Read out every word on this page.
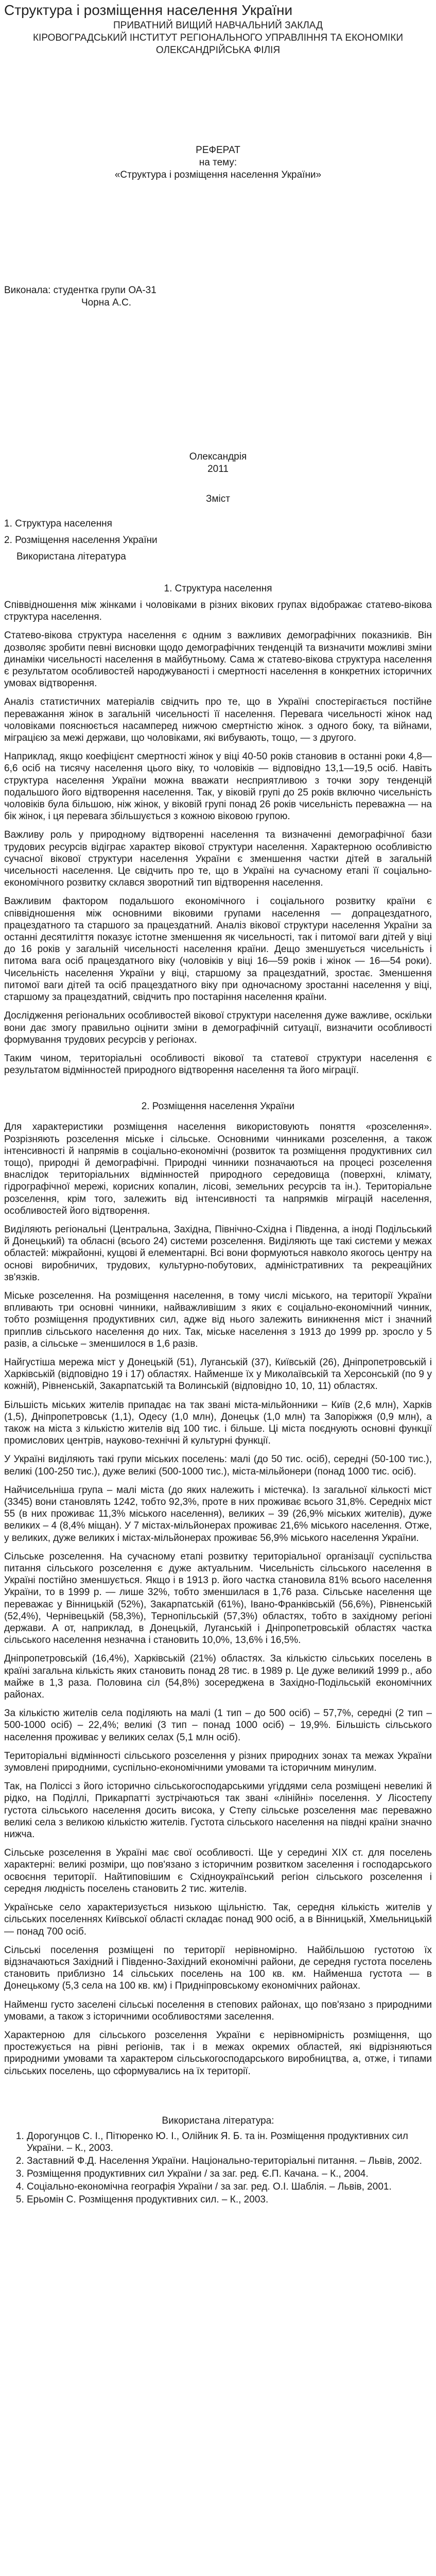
Структура і розміщення населення України
ПРИВАТНИЙ ВИЩИЙ НАВЧАЛЬНИЙ ЗАКЛАД
КІРОВОГРАДСЬКИЙ ІНСТИТУТ РЕГІОНАЛЬНОГО УПРАВЛІННЯ ТА ЕКОНОМІКИ
ОЛЕКСАНДРІЙСЬКА ФІЛІЯ
РЕФЕРАТ
на тему:
«Структура і розміщення населення України»
Виконала: студентка групи ОА-31
Чорна А.С.
Олександрія
2011
Зміст
1. Структура населення
2. Розміщення населення України
Використана література
1. Структура населення

Співвідношення між жінками і чоловіками в різних вікових групах відображає статево-вікова структура населення.

Статево-вікова структура населення є одним з важливих демографічних показників. Він дозволяє зробити певні висновки щодо демографічних тенденцій та визначити можливі зміни динаміки чисельності населення в майбутньому. Сама ж статево-вікова структура населення є результатом особливостей народжуваності і смертності населення в конкретних історичних умовах відтворення.

Аналіз статистичних матеріалів свідчить про те, що в Україні спостерігається постійне переважання жінок в загальній чисельності її населення. Перевага чисельності жінок над чоловіками пояснюється насамперед нижчою смертністю жінок. з одного боку, та війнами, міграцією за межі держави, що чоловіками, які вибувають, тощо, — з другого.

Наприклад, якщо коефіцієнт смертності жінок у віці 40-50 років становив в останні роки 4,8—6,6 осіб на тисячу населення цього віку, то чоловіків — відповідно 13,1—19,5 осіб. Навіть структура населення України можна вважати несприятливою з точки зору тенденцій подальшого його відтворення населення. Так, у віковій групі до 25 років включно чисельність чоловіків була більшою, ніж жінок, у віковій групі понад 26 років чисельність переважна — на бік жінок, і ця перевага збільшується з кожною віковою групою.

Важливу роль у природному відтворенні населення та визначенні демографічної бази трудових ресурсів відіграє характер вікової структури населення. Характерною особливістю сучасної вікової структури населення України є зменшення частки дітей в загальній чисельності населення. Це свідчить про те, що в Україні на сучасному етапі її соціально-економічного розвитку склався зворотний тип відтворення населення.

Важливим фактором подальшого економічного і соціального розвитку країни є співвідношення між основними віковими групами населення — допрацездатного, працездатного та старшого за працездатний. Аналіз вікової структури населення України за останні десятиліття показує істотне зменшення як чисельності, так і питомої ваги дітей у віці до 16 років у загальній чисельності населення країни. Дещо зменшується чисельність і питома вага осіб працездатного віку (чоловіків у віці 16—59 років і жінок — 16—54 роки). Чисельність населення України у віці, старшому за працездатний, зростає. Зменшення питомої ваги дітей та осіб працездатного віку при одночасному зростанні населення у віці, старшому за працездатний, свідчить про постаріння населення країни.

Дослідження регіональних особливостей вікової структури населення дуже важливе, оскільки вони дає змогу правильно оцінити зміни в демографічній ситуації, визначити особливості формування трудових ресурсів у регіонах.

Таким чином, територіальні особливості вікової та статевої структури населення є результатом відмінностей природного відтворення населення та його міграції.

2. Розміщення населення України

Для характеристики розміщення населення використовують поняття «розселення». Розрізняють розселення міське і сільське. Основними чинниками розселення, а також інтенсивності й напрямів в соціально-економічні (розвиток та розміщення продуктивних сил тощо), природні й демографічні. Природні чинники позначаються на процесі розселення внаслідок територіальних відмінностей природного середовища (поверхні, клімату, гідрографічної мережі, корисних копалин, лісові, земельних ресурсів та ін.). Територіальне розселення, крім того, залежить від інтенсивності та напрямків міграцій населення, особливостей його відтворення.

Виділяють регіональні (Центральна, Західна, Північно-Східна і Південна, а іноді Подільський й Донецький) та обласні (всього 24) системи розселення. Виділяють ще такі системи у межах областей: міжрайонні, кущові й елементарні. Всі вони формуються навколо якогось центру на основі виробничих, трудових, культурно-побутових, адміністративних та рекреаційних зв'язків.

Міське розселення. На розміщення населення, в тому числі міського, на території України впливають три основні чинники, найважливішим з яких є соціально-економічний чинник, тобто розміщення продуктивних сил, адже від нього залежить виникнення міст і значний приплив сільського населення до них. Так, міське населення з 1913 до 1999 рр. зросло у 5 разів, а сільське – зменшилося в 1,6 разів.

Найгустіша мережа міст у Донецькій (51), Луганській (37), Київській (26), Дніпропетровській і Харківській (відповідно 19 і 17) областях. Найменше їх у Миколаївській та Херсонській (по 9 у кожній), Рівненській, Закарпатській та Волинській (відповідно 10, 10, 11) областях.

Більшість міських жителів припадає на так звані міста-мільйонники – Київ (2,6 млн), Харків (1,5), Дніпропетровськ (1,1), Одесу (1,0 млн), Донецьк (1,0 млн) та Запоріжжя (0,9 млн), а також на міста з кількістю жителів від 100 тис. і більше. Ці міста поєднують основні функції промислових центрів, науково-технічні й культурні функції.

У Україні виділяють такі групи міських поселень: малі (до 50 тис. осіб), середні (50-100 тис.), великі (100-250 тис.), дуже великі (500-1000 тис.), міста-мільйонери (понад 1000 тис. осіб).

Найчисельніша група – малі міста (до яких належить і містечка). Із загальної кількості міст (3345) вони становлять 1242, тобто 92,3%, проте в них проживає всього 31,8%. Середніх міст 55 (в них проживає 11,3% міського населення), великих – 39 (26,9% міських жителів), дуже великих – 4 (8,4% міщан). У 7 містах-мільйонерах проживає 21,6% міського населення. Отже, у великих, дуже великих і містах-мільйонерах проживає 56,9% міського населення України.

Сільське розселення. На сучасному етапі розвитку територіальної організації суспільства питання сільського розселення є дуже актуальним. Чисельність сільського населення в Україні постійно зменшується. Якщо і в 1913 р. його частка становила 81% всього населення України, то в 1999 р. — лише 32%, тобто зменшилася в 1,76 раза. Сільське населення ще переважає у Вінницькій (52%), Закарпатській (61%), Івано-Франківській (56,6%), Рівненській (52,4%), Чернівецькій (58,3%), Тернопільській (57,3%) областях, тобто в західному регіоні держави. А от, наприклад, в Донецькій, Луганській і Дніпропетровській областях частка сільського населення незначна і становить 10,0%, 13,6% і 16,5%.

Дніпропетровській (16,4%), Харківській (21%) областях. За кількістю сільських поселень в країні загальна кількість яких становить понад 28 тис. в 1989 р. Це дуже великий 1999 р., або майже в 1,3 раза. Половина сіл (54,8%) зосереджена в Західно-Подільській економічних районах.

За кількістю жителів села поділяють на малі (1 тип – до 500 осіб) – 57,7%, середні (2 тип – 500-1000 осіб) – 22,4%; великі (3 тип – понад 1000 осіб) – 19,9%. Більшість сільського населення проживає у великих селах (5,1 млн осіб).

Територіальні відмінності сільського розселення у різних природних зонах та межах України зумовлені природними, суспільно-економічними умовами та історичним минулим.

Так, на Поліссі з його історично сільськогосподарськими угіддями села розміщені невеликі й рідко, на Поділлі, Прикарпатті зустрічаються так звані «лінійні» поселення. У Лісостепу густота сільського населення досить висока, у Степу сільське розселення має переважно великі села з великою кількістю жителів. Густота сільського населення на півдні країни значно нижча.

Сільське розселення в Україні має свої особливості. Ще у середині ХІХ ст. для поселень характерні: великі розміри, що пов'язано з історичним розвитком заселення і господарського освоєння території. Найтиповішим є Східноукраїнський регіон сільського розселення і середня людність поселень становить 2 тис. жителів.

Українське село характеризується низькою щільністю. Так, середня кількість жителів у сільських поселеннях Київської області складає понад 900 осіб, а в Вінницькій, Хмельницькій — понад 700 осіб.

Сільські поселення розміщені по території нерівномірно. Найбільшою густотою їх відзначаються Західний і Південно-Західний економічні райони, де середня густота поселень становить приблизно 14 сільських поселень на 100 кв. км. Найменша густота — в Донецькому (5,3 села на 100 кв. км) і Придніпровському економічних районах.

Найменш густо заселені сільські поселення в степових районах, що пов'язано з природними умовами, а також з історичними особливостями заселення.

Характерною для сільського розселення України є нерівномірність розміщення, що простежується на рівні регіонів, так і в межах окремих областей, які відрізняються природними умовами та характером сільськогосподарського виробництва, а, отже, і типами сільських поселень, що сформувались на їх території.

Використана література:
1. Дорогунцов С. І., Пітюренко Ю. І., Олійник Я. Б. та ін. Розміщення продуктивних сил України. – К., 2003.
2. Заставний Ф.Д. Населення України. Національно-територіальні питання. – Львів, 2002.
3. Розміщення продуктивних сил України / за заг. ред. Є.П. Качана. – К., 2004.
4. Соціально-економічна географія України / за заг. ред. О.І. Шаблія. – Львів, 2001.
5. Ерьомін С. Розміщення продуктивних сил. – К., 2003.
